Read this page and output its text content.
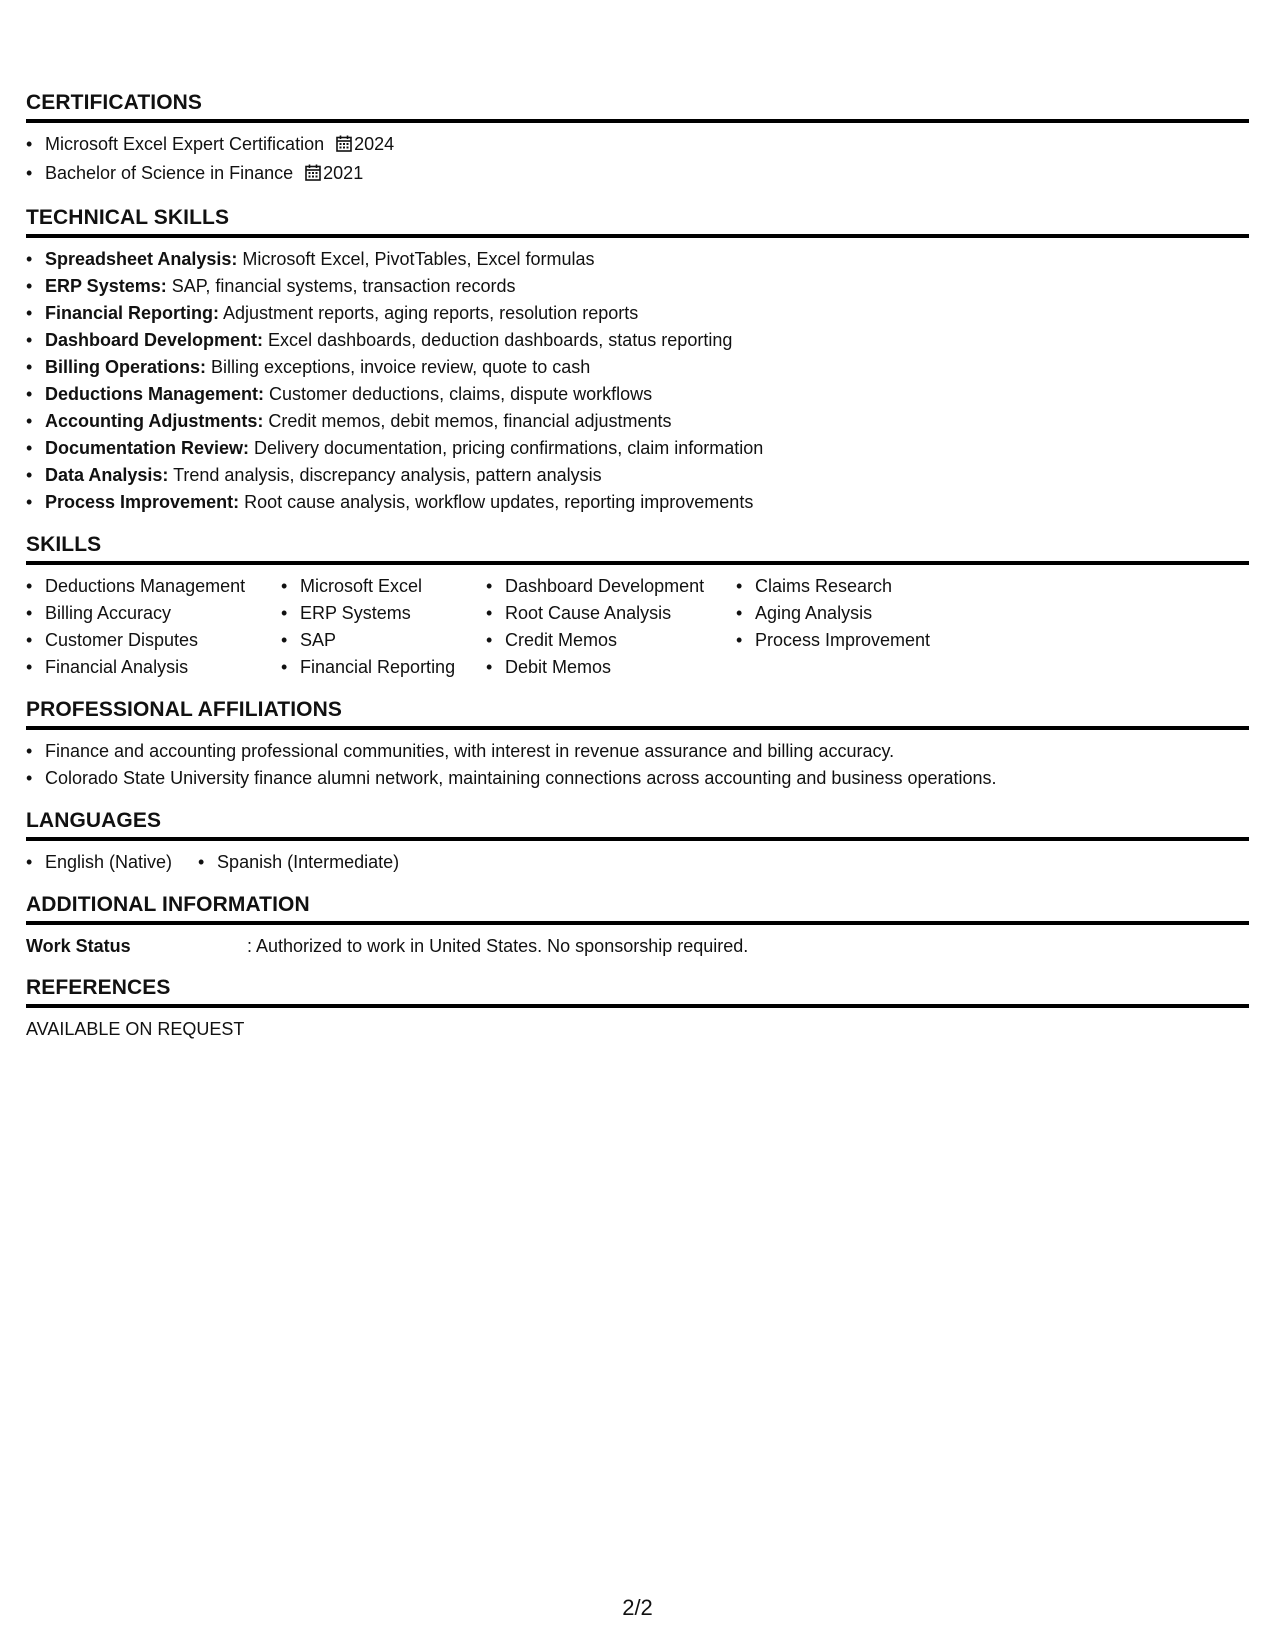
CERTIFICATIONS
• Microsoft Excel Expert Certification 2024
• Bachelor of Science in Finance 2021
TECHNICAL SKILLS
• Spreadsheet Analysis: Microsoft Excel, PivotTables, Excel formulas
• ERP Systems: SAP, financial systems, transaction records
• Financial Reporting: Adjustment reports, aging reports, resolution reports
• Dashboard Development: Excel dashboards, deduction dashboards, status reporting
• Billing Operations: Billing exceptions, invoice review, quote to cash
• Deductions Management: Customer deductions, claims, dispute workflows
• Accounting Adjustments: Credit memos, debit memos, financial adjustments
• Documentation Review: Delivery documentation, pricing confirmations, claim information
• Data Analysis: Trend analysis, discrepancy analysis, pattern analysis
• Process Improvement: Root cause analysis, workflow updates, reporting improvements
SKILLS
• Deductions Management
• Billing Accuracy
• Customer Disputes
• Financial Analysis
• Microsoft Excel
• ERP Systems
• SAP
• Financial Reporting
• Dashboard Development
• Root Cause Analysis
• Credit Memos
• Debit Memos
• Claims Research
• Aging Analysis
• Process Improvement
PROFESSIONAL AFFILIATIONS
• Finance and accounting professional communities, with interest in revenue assurance and billing accuracy.
• Colorado State University finance alumni network, maintaining connections across accounting and business operations.
LANGUAGES
• English (Native)
•	Spanish (Intermediate)
ADDITIONAL INFORMATION
Work Status	: Authorized to work in United States. No sponsorship required.
REFERENCES
AVAILABLE ON REQUEST
2/2
